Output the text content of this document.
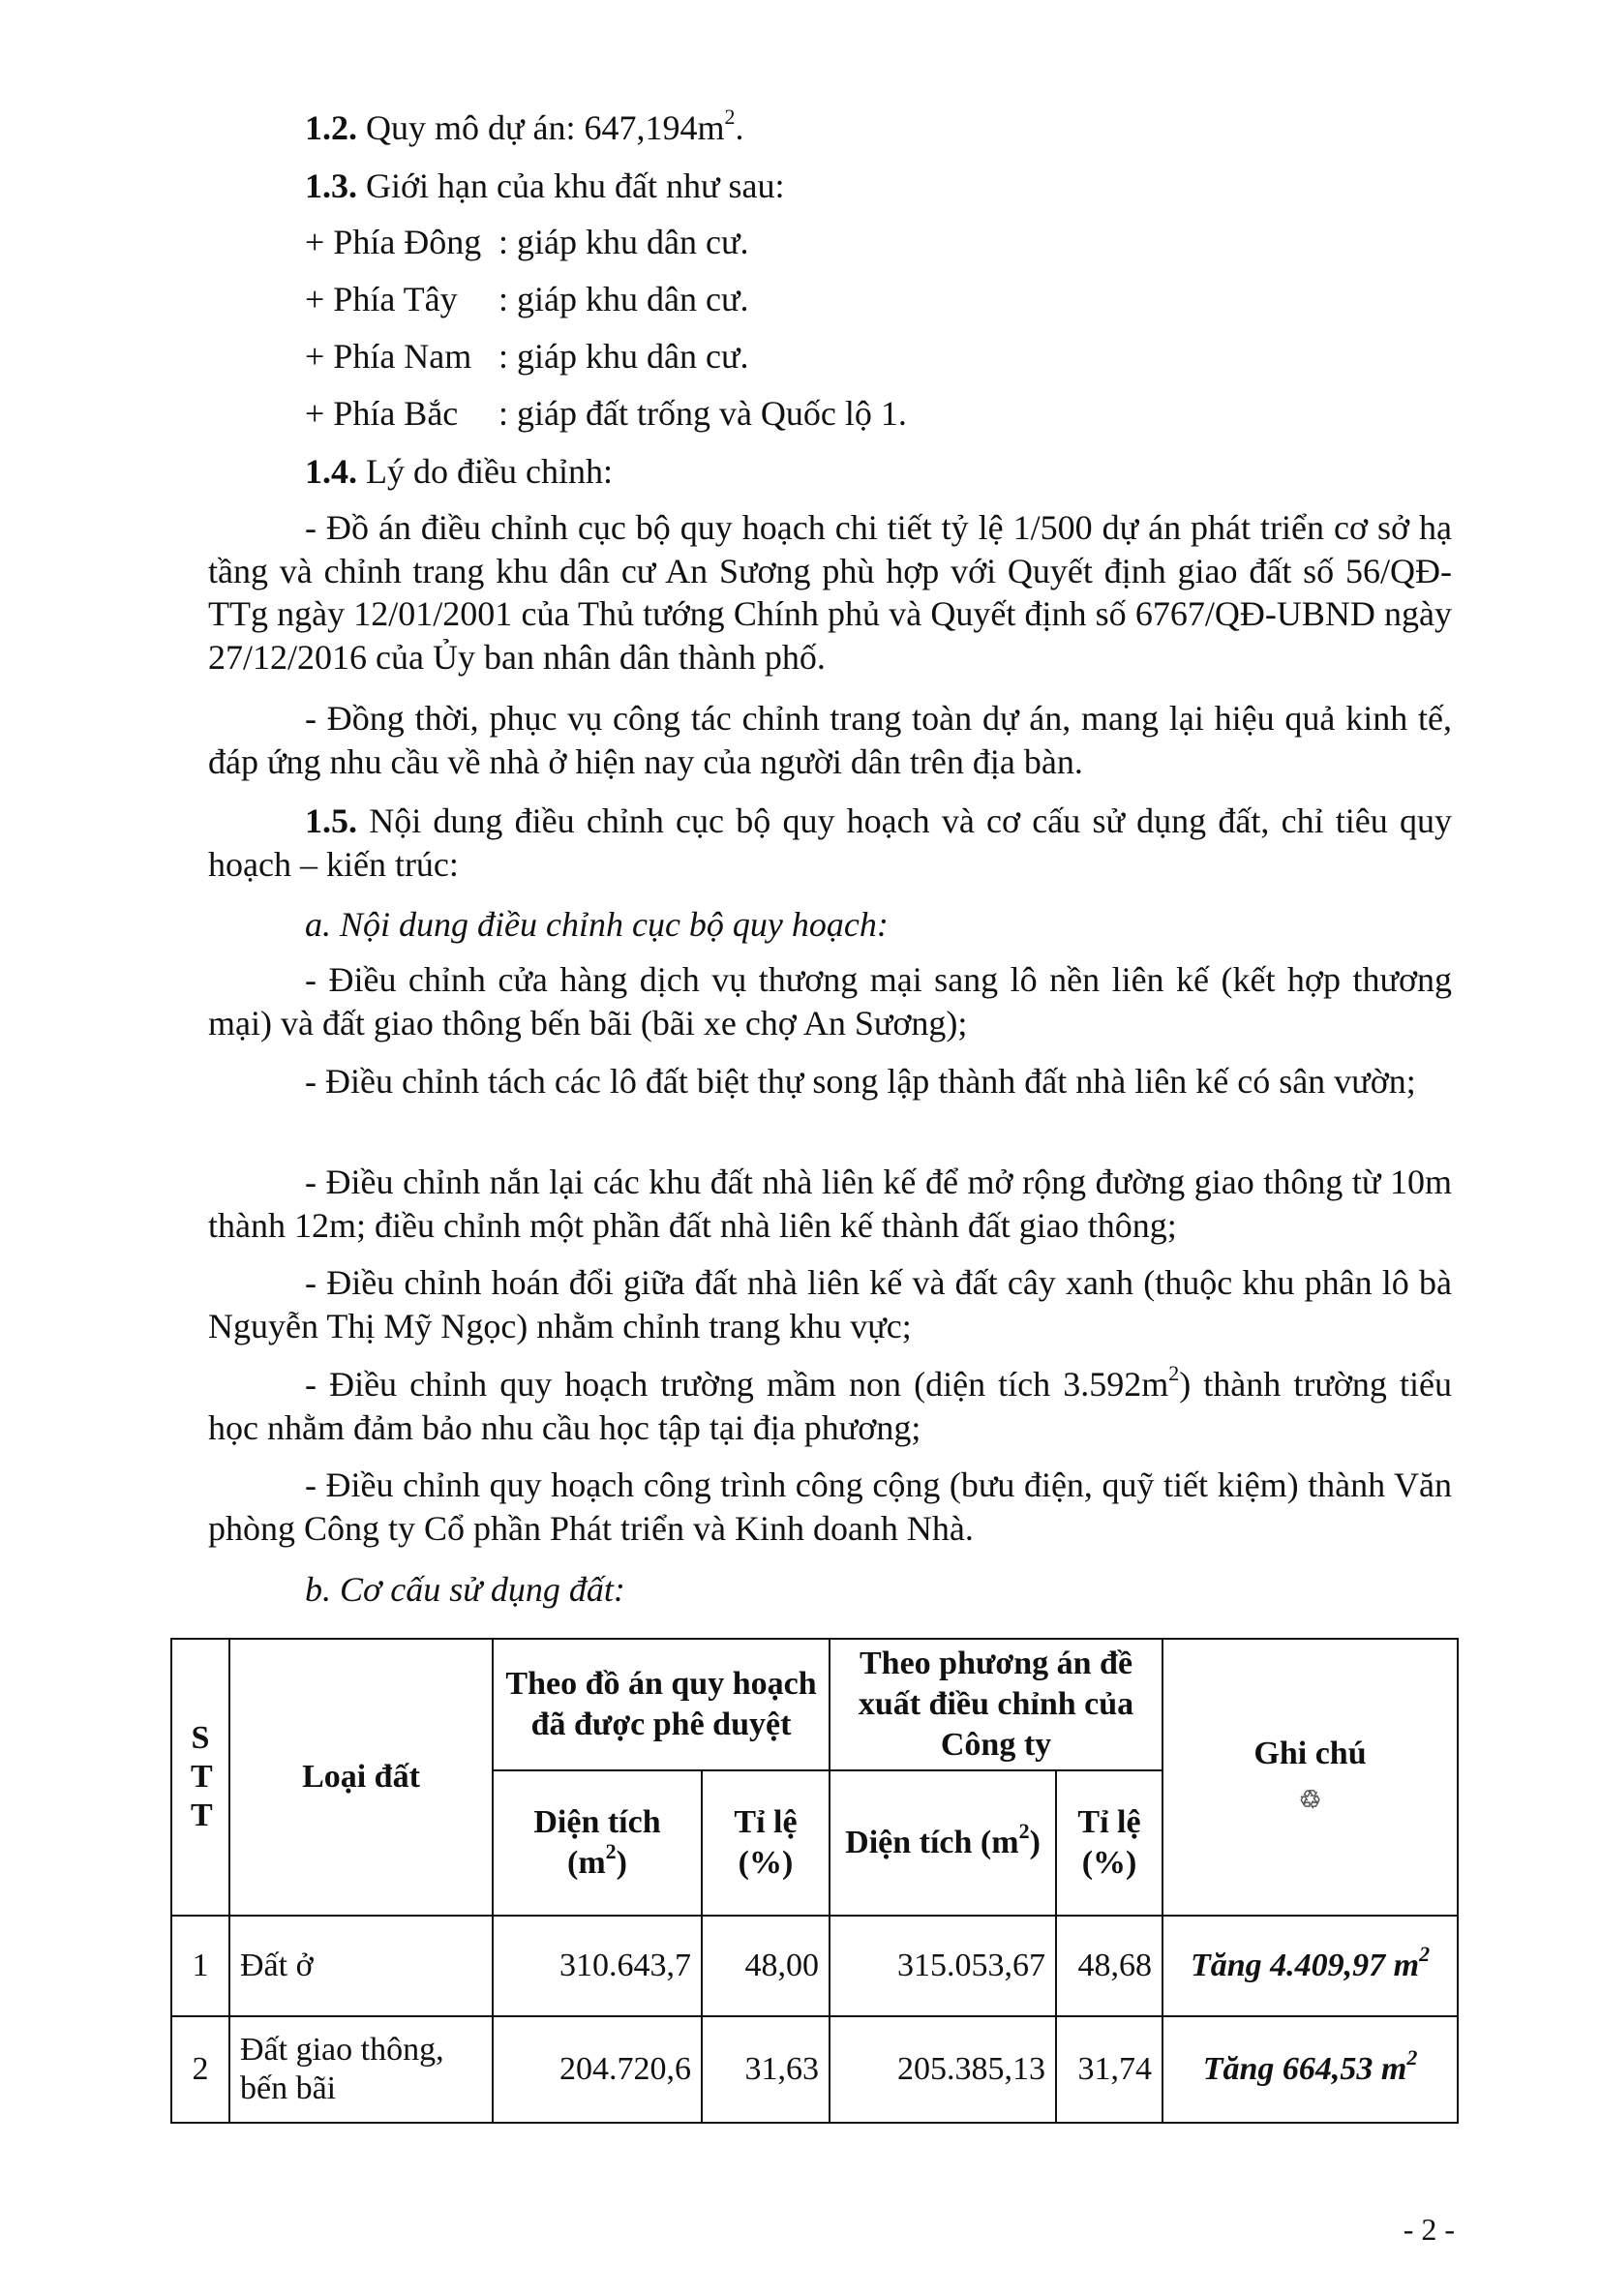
1.2. Quy mô dự án: $647,194m^2$.
1.3. Giới hạn của khu đất như sau:
+ Phía Đông : giáp khu dân cư.
+ Phía Tây : giáp khu dân cư.
+ Phía Nam : giáp khu dân cư.
+ Phía Bắc : giáp đất trống và Quốc lộ 1.
1.4. Lý do điều chỉnh:
- Đồ án điều chỉnh cục bộ quy hoạch chi tiết tỷ lệ 1/500 dự án phát triển cơ sở hạ tầng và chỉnh trang khu dân cư An Sương phù hợp với Quyết định giao đất số 56/QĐ-TTg ngày 12/01/2001 của Thủ tướng Chính phủ và Quyết định số 6767/QĐ-UBND ngày 27/12/2016 của Ủy ban nhân dân thành phố.
- Đồng thời, phục vụ công tác chỉnh trang toàn dự án, mang lại hiệu quả kinh tế, đáp ứng nhu cầu về nhà ở hiện nay của người dân trên địa bàn.
1.5. Nội dung điều chỉnh cục bộ quy hoạch và cơ cấu sử dụng đất, chỉ tiêu quy hoạch – kiến trúc:
a. Nội dung điều chỉnh cục bộ quy hoạch:
- Điều chỉnh cửa hàng dịch vụ thương mại sang lô nền liên kế (kết hợp thương mại) và đất giao thông bến bãi (bãi xe chợ An Sương);
- Điều chỉnh tách các lô đất biệt thự song lập thành đất nhà liên kế có sân vườn;
- Điều chỉnh nắn lại các khu đất nhà liên kế để mở rộng đường giao thông từ 10m thành 12m; điều chỉnh một phần đất nhà liên kế thành đất giao thông;
- Điều chỉnh hoán đổi giữa đất nhà liên kế và đất cây xanh (thuộc khu phân lô bà Nguyễn Thị Mỹ Ngọc) nhằm chỉnh trang khu vực;
- Điều chỉnh quy hoạch trường mầm non (diện tích $3.592m^2$) thành trường tiểu học nhằm đảm bảo nhu cầu học tập tại địa phương;
- Điều chỉnh quy hoạch công trình công cộng (bưu điện, quỹ tiết kiệm) thành Văn phòng Công ty Cổ phần Phát triển và Kinh doanh Nhà.
b. Cơ cấu sử dụng đất:
STT	Loại đất	Theo đồ án quy hoạch đã được phê duyệt		Theo phương án đề xuất điều chỉnh của Công ty		Ghi chú
♲

		Diện tích $(m^2)$	Tỉ lệ (%)	Diện tích $(m^2)$	Tỉ lệ (%)	
1	Đất ở	310.643,7	48,00	315.053,67	48,68	Tăng 4.409,97 $m^2$
2	Đất giao thông, bến bãi	204.720,6	31,63	205.385,13	31,74	Tăng 664,53 $m^2$
- 2 -
